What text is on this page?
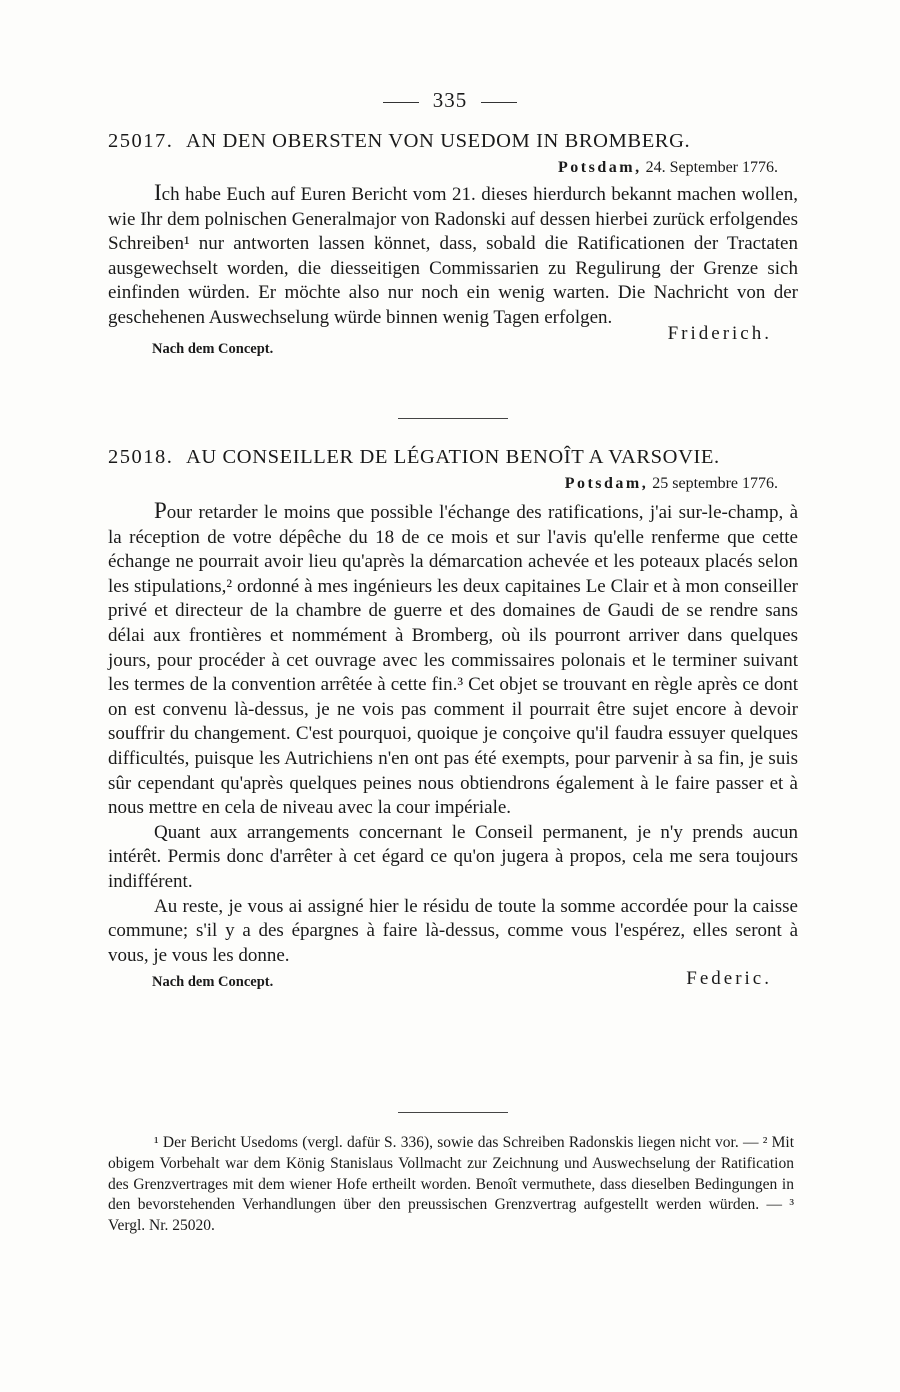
335
25017. AN DEN OBERSTEN VON USEDOM IN BROMBERG.
Potsdam, 24. September 1776.

Ich habe Euch auf Euren Bericht vom 21. dieses hierdurch bekannt machen wollen, wie Ihr dem polnischen Generalmajor von Radonski auf dessen hierbei zurück erfolgendes Schreiben¹ nur antworten lassen könnet, dass, sobald die Ratificationen der Tractaten ausgewechselt worden, die diesseitigen Commissarien zu Regulirung der Grenze sich einfinden würden. Er möchte also nur noch ein wenig warten. Die Nachricht von der geschehenen Auswechselung würde binnen wenig Tagen erfolgen.

Nach dem Concept.
Friderich.
25018. AU CONSEILLER DE LÉGATION BENOÎT A VARSOVIE.
Potsdam, 25 septembre 1776.

Pour retarder le moins que possible l'échange des ratifications, j'ai sur-le-champ, à la réception de votre dépêche du 18 de ce mois et sur l'avis qu'elle renferme que cette échange ne pourrait avoir lieu qu'après la démarcation achevée et les poteaux placés selon les stipulations,² ordonné à mes ingénieurs les deux capitaines Le Clair et à mon conseiller privé et directeur de la chambre de guerre et des domaines de Gaudi de se rendre sans délai aux frontières et nommément à Bromberg, où ils pourront arriver dans quelques jours, pour procéder à cet ouvrage avec les commissaires polonais et le terminer suivant les termes de la convention arrêtée à cette fin.³ Cet objet se trouvant en règle après ce dont on est convenu là-dessus, je ne vois pas comment il pourrait être sujet encore à devoir souffrir du changement. C'est pourquoi, quoique je conçoive qu'il faudra essuyer quelques difficultés, puisque les Autrichiens n'en ont pas été exempts, pour parvenir à sa fin, je suis sûr cependant qu'après quelques peines nous obtiendrons également à le faire passer et à nous mettre en cela de niveau avec la cour impériale.

Quant aux arrangements concernant le Conseil permanent, je n'y prends aucun intérêt. Permis donc d'arrêter à cet égard ce qu'on jugera à propos, cela me sera toujours indifférent.

Au reste, je vous ai assigné hier le résidu de toute la somme accordée pour la caisse commune; s'il y a des épargnes à faire là-dessus, comme vous l'espérez, elles seront à vous, je vous les donne.

Nach dem Concept.	Federic.

¹ Der Bericht Usedoms (vergl. dafür S. 336), sowie das Schreiben Radonskis liegen nicht vor. — ² Mit obigem Vorbehalt war dem König Stanislaus Vollmacht zur Zeichnung und Auswechselung der Ratification des Grenzvertrages mit dem wiener Hofe ertheilt worden. Benoît vermuthete, dass dieselben Bedingungen in den bevorstehenden Verhandlungen über den preussischen Grenzvertrag aufgestellt werden würden. — ³ Vergl. Nr. 25020.
